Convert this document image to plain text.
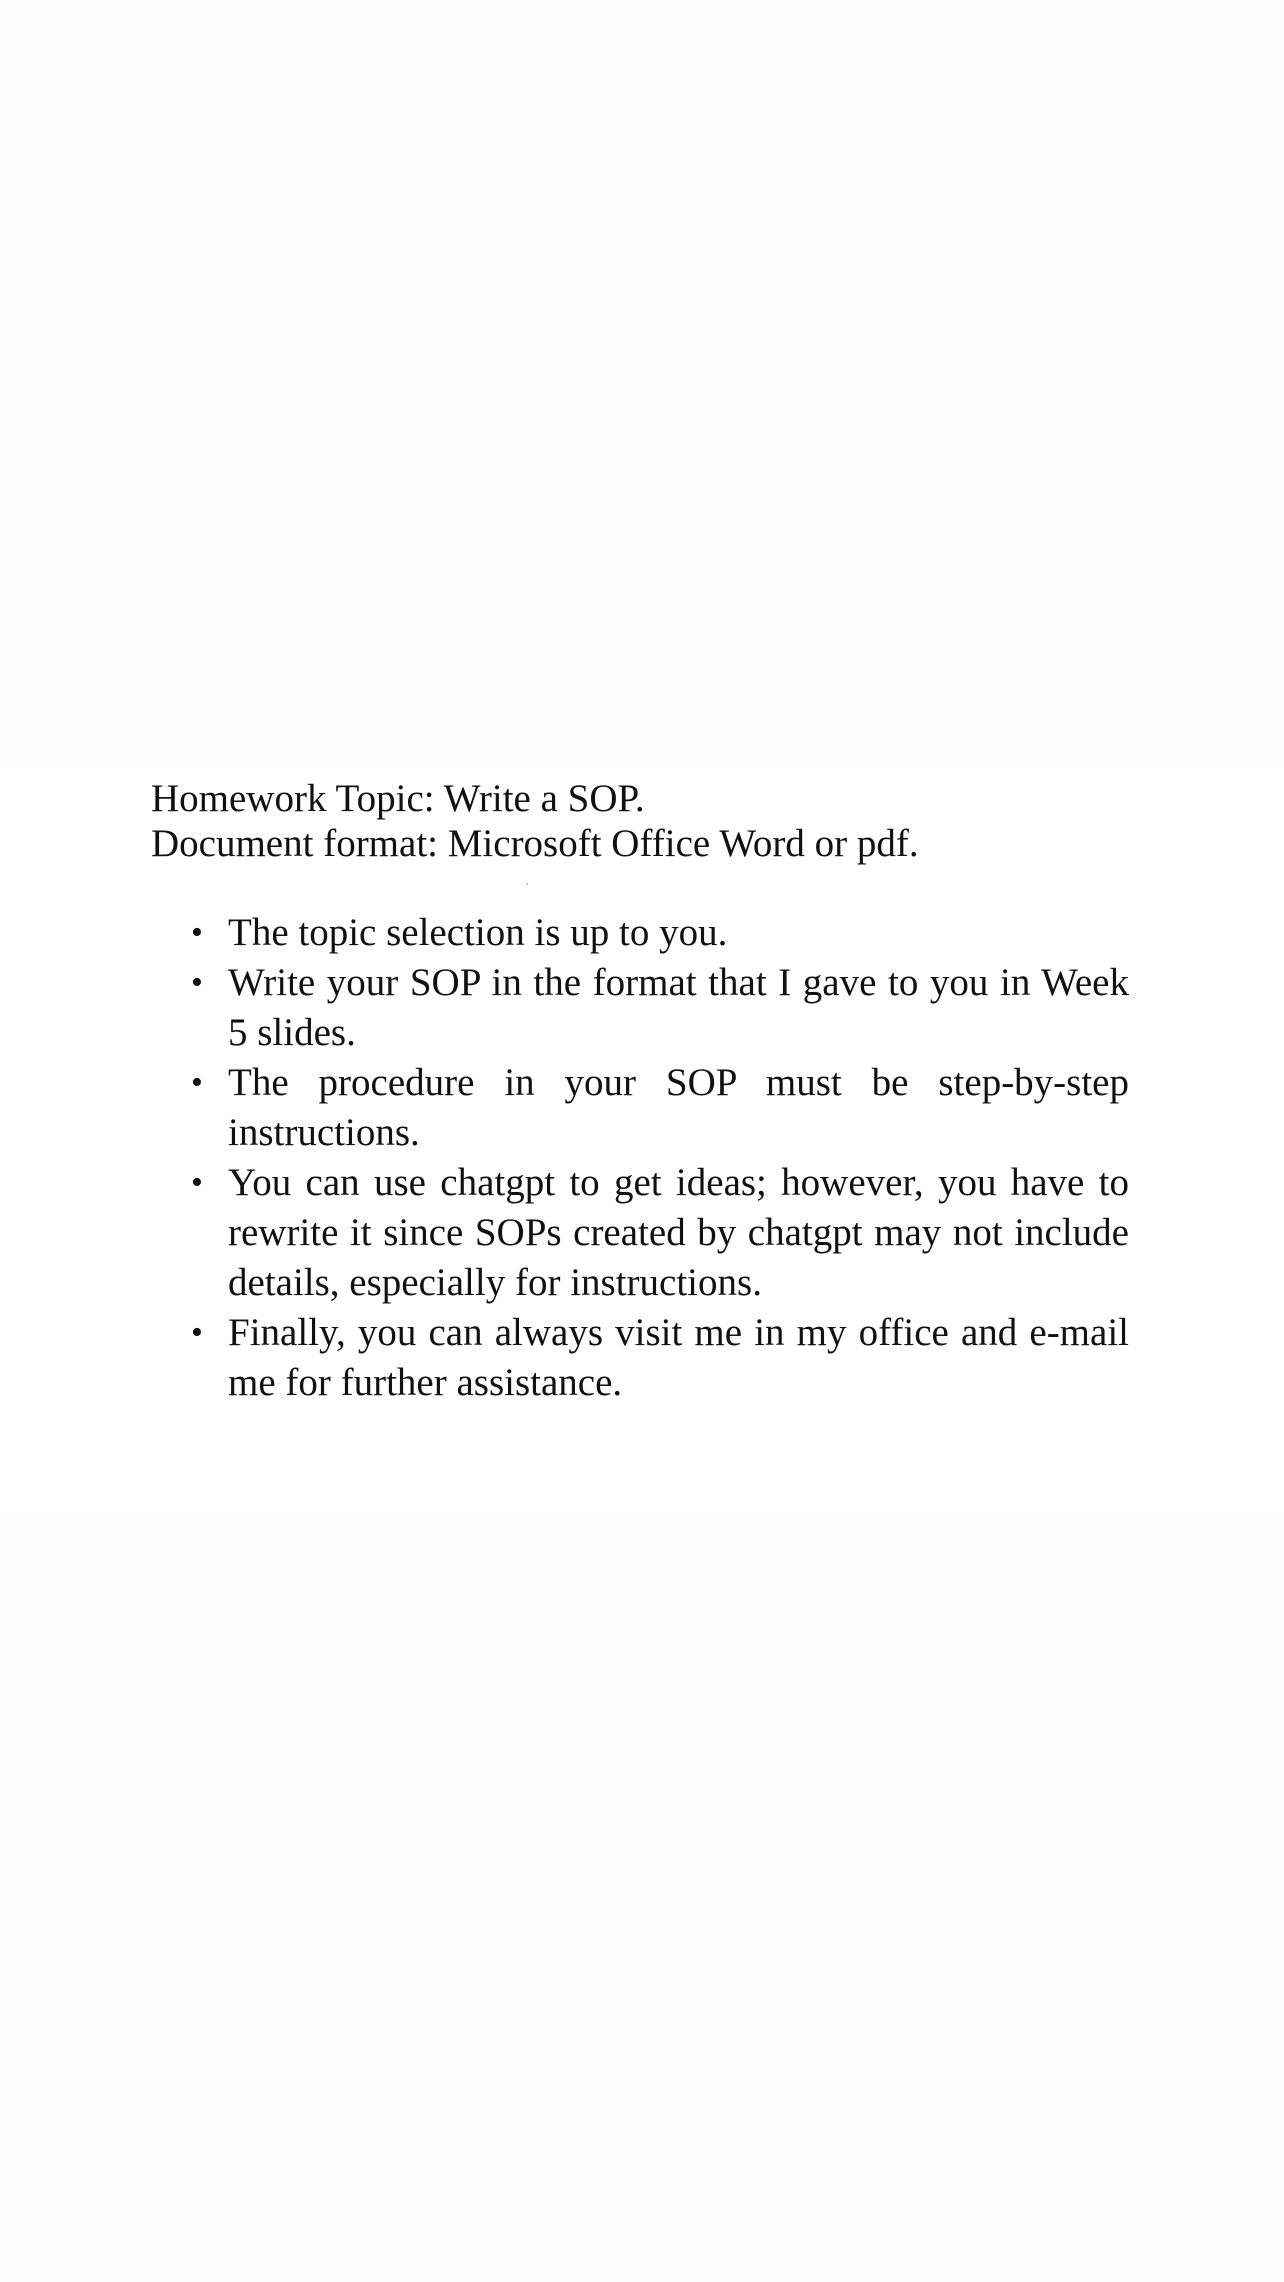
Homework Topic: Write a SOP.
Document format: Microsoft Office Word or pdf.
• The topic selection is up to you.
• Write your SOP in the format that I gave to you in Week 5 slides.
• The procedure in your SOP must be step-by-step instructions.
• You can use chatgpt to get ideas; however, you have to rewrite it since SOPs created by chatgpt may not include details, especially for instructions.
• Finally, you can always visit me in my office and e-mail me for further assistance.
